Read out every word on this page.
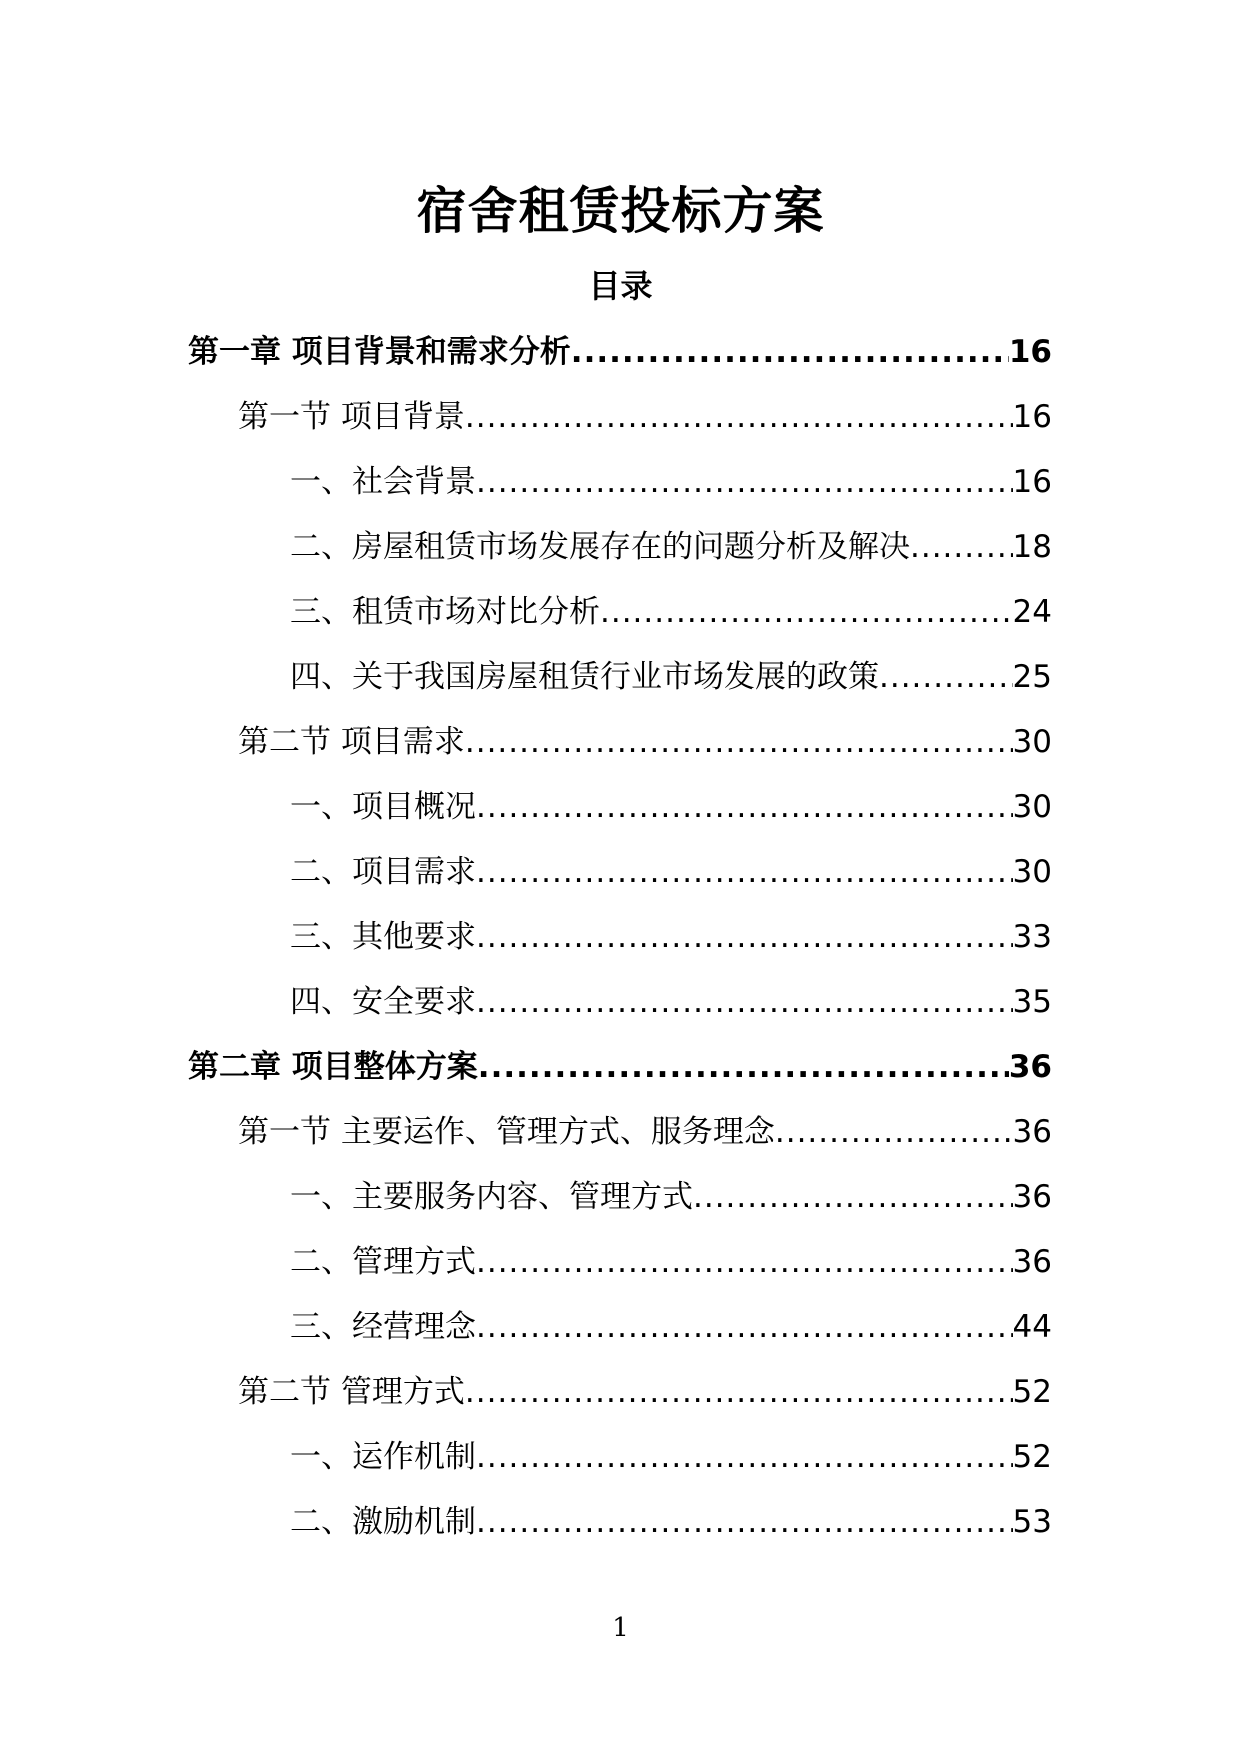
宿舍租赁投标方案
目录
第一章 项目背景和需求分析 .....	16
第一节 项目背景 .....	16
一、社会背景 .....	16
二、房屋租赁市场发展存在的问题分析及解决 .....	18
三、租赁市场对比分析 .....	24
四、关于我国房屋租赁行业市场发展的政策 .....	25
第二节 项目需求 .....	30
一、项目概况 .....	30
二、项目需求 .....	30
三、其他要求 .....	33
四、安全要求 .....	35
第二章 项目整体方案 .....	36
第一节 主要运作、管理方式、服务理念 .....	36
一、主要服务内容、管理方式 .....	36
二、管理方式 .....	36
三、经营理念 .....	44
第二节 管理方式 .....	52
一、运作机制 .....	52
二、激励机制 .....	53
1
